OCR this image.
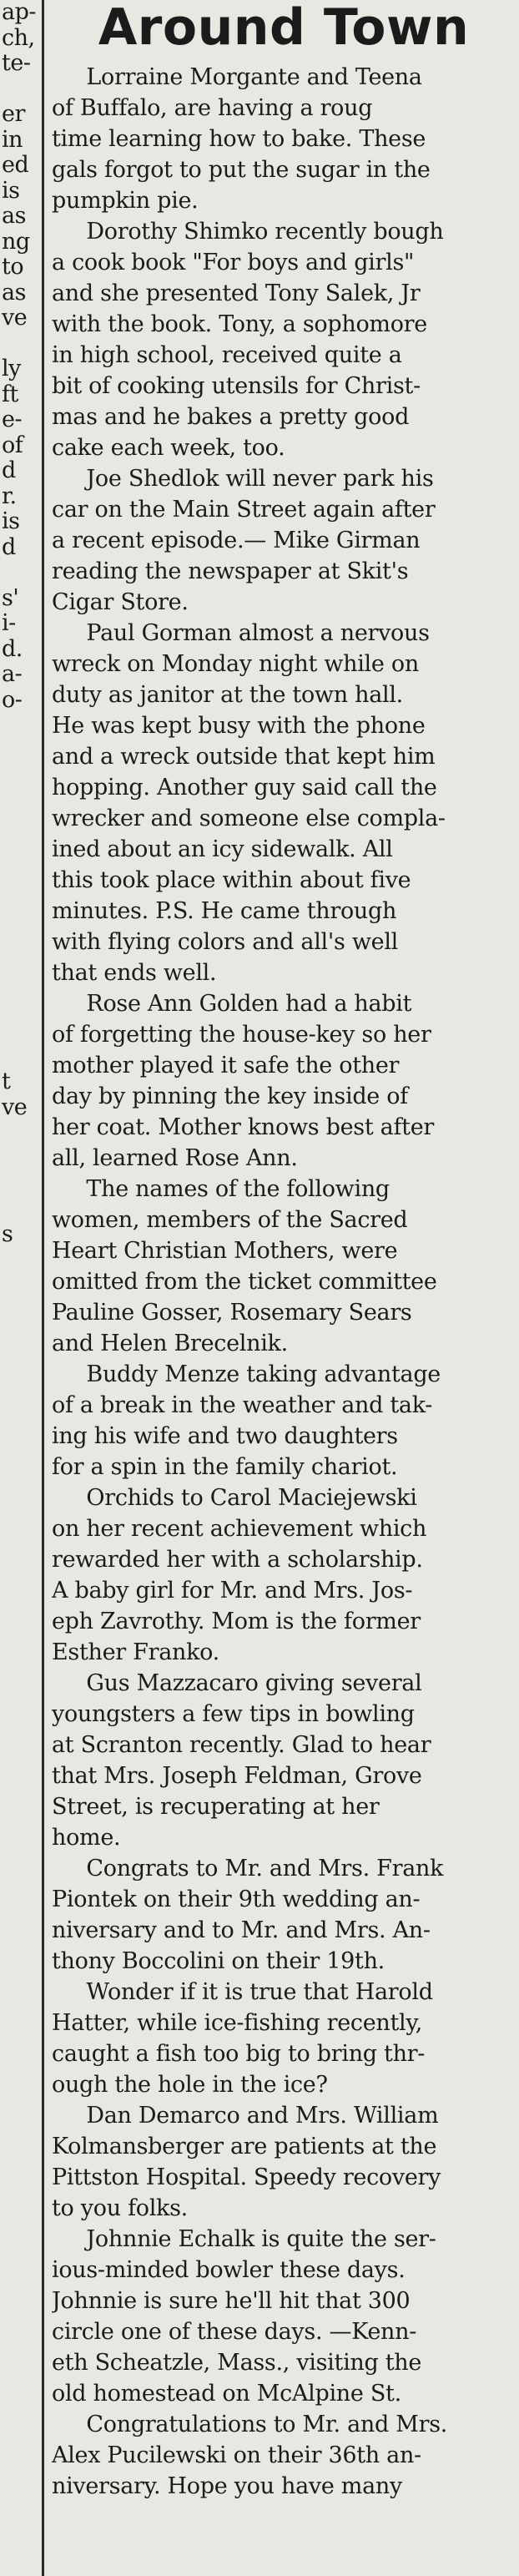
ap-
ch,
te-

er
in
ed
is
as
ng
to
as
ve

ly
ft
e-
of
d
r.
is
d

s'
i-
d.
a-
o-

t
ve

s

Around Town
Lorraine Morgante and Teena
of Buffalo, are having a roug
time learning how to bake. These
gals forgot to put the sugar in the
pumpkin pie.
Dorothy Shimko recently bough
a cook book "For boys and girls"
and she presented Tony Salek, Jr
with the book. Tony, a sophomore
in high school, received quite a
bit of cooking utensils for Christ-
mas and he bakes a pretty good
cake each week, too.
Joe Shedlok will never park his
car on the Main Street again after
a recent episode.— Mike Girman
reading the newspaper at Skit's
Cigar Store.
Paul Gorman almost a nervous
wreck on Monday night while on
duty as janitor at the town hall.
He was kept busy with the phone
and a wreck outside that kept him
hopping. Another guy said call the
wrecker and someone else compla-
ined about an icy sidewalk. All
this took place within about five
minutes. P.S. He came through
with flying colors and all's well
that ends well.
Rose Ann Golden had a habit
of forgetting the house-key so her
mother played it safe the other
day by pinning the key inside of
her coat. Mother knows best after
all, learned Rose Ann.
The names of the following
women, members of the Sacred
Heart Christian Mothers, were
omitted from the ticket committee
Pauline Gosser, Rosemary Sears
and Helen Brecelnik.
Buddy Menze taking advantage
of a break in the weather and tak-
ing his wife and two daughters
for a spin in the family chariot.
Orchids to Carol Maciejewski
on her recent achievement which
rewarded her with a scholarship.
A baby girl for Mr. and Mrs. Jos-
eph Zavrothy. Mom is the former
Esther Franko.
Gus Mazzacaro giving several
youngsters a few tips in bowling
at Scranton recently. Glad to hear
that Mrs. Joseph Feldman, Grove
Street, is recuperating at her
home.
Congrats to Mr. and Mrs. Frank
Piontek on their 9th wedding an-
niversary and to Mr. and Mrs. An-
thony Boccolini on their 19th.
Wonder if it is true that Harold
Hatter, while ice-fishing recently,
caught a fish too big to bring thr-
ough the hole in the ice?
Dan Demarco and Mrs. William
Kolmansberger are patients at the
Pittston Hospital. Speedy recovery
to you folks.
Johnnie Echalk is quite the ser-
ious-minded bowler these days.
Johnnie is sure he'll hit that 300
circle one of these days. —Kenn-
eth Scheatzle, Mass., visiting the
old homestead on McAlpine St.
Congratulations to Mr. and Mrs.
Alex Pucilewski on their 36th an-
niversary. Hope you have many
